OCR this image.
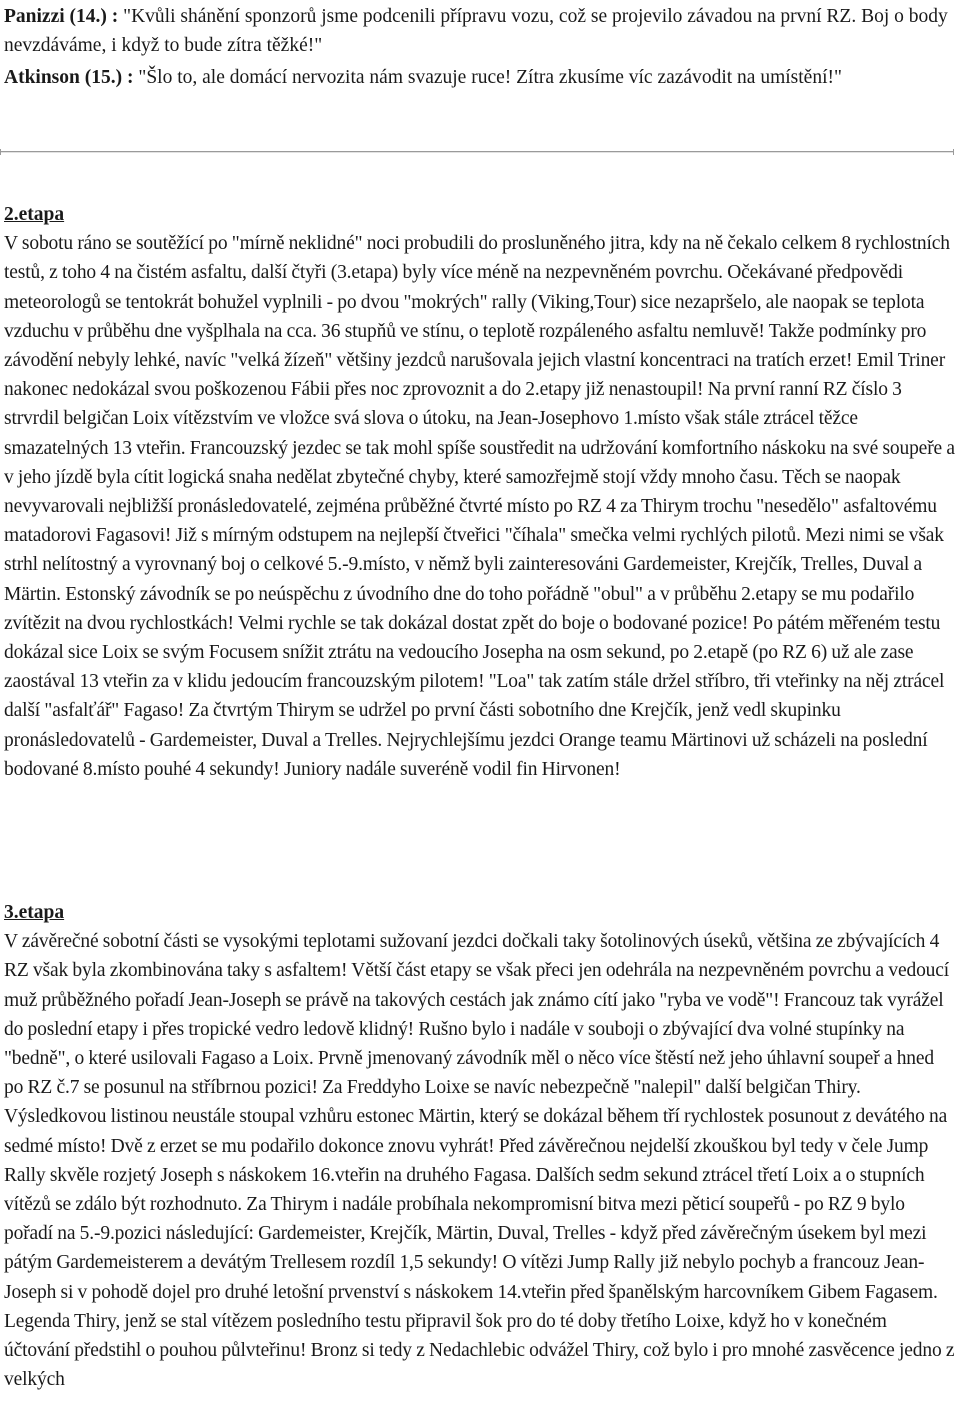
Panizzi (14.) : "Kvůli shánění sponzorů jsme podcenili přípravu vozu, což se projevilo závadou na první RZ. Boj o body nevzdáváme, i když to bude zítra těžké!"

Atkinson (15.) : "Šlo to, ale domácí nervozita nám svazuje ruce! Zítra zkusíme víc zazávodit na umístění!"

2.etapa
V sobotu ráno se soutěžící po "mírně neklidné" noci probudili do prosluněného jitra, kdy na ně čekalo celkem 8 rychlostních testů, z toho 4 na čistém asfaltu, další čtyři (3.etapa) byly více méně na nezpevněném povrchu. Očekávané předpovědi meteorologů se tentokrát bohužel vyplnili - po dvou "mokrých" rally (Viking,Tour) sice nezapršelo, ale naopak se teplota vzduchu v průběhu dne vyšplhala na cca. 36 stupňů ve stínu, o teplotě rozpáleného asfaltu nemluvě! Takže podmínky pro závodění nebyly lehké, navíc "velká žízeň" většiny jezdců narušovala jejich vlastní koncentraci na tratích erzet! Emil Triner nakonec nedokázal svou poškozenou Fábii přes noc zprovoznit a do 2.etapy již nenastoupil! Na první ranní RZ číslo 3 strvrdil belgičan Loix vítězstvím ve vložce svá slova o útoku, na Jean-Josephovo 1.místo však stále ztrácel těžce smazatelných 13 vteřin. Francouzský jezdec se tak mohl spíše soustředit na udržování komfortního náskoku na své soupeře a v jeho jízdě byla cítit logická snaha nedělat zbytečné chyby, které samozřejmě stojí vždy mnoho času. Těch se naopak nevyvarovali nejbližší pronásledovatelé, zejména průběžné čtvrté místo po RZ 4 za Thirym trochu "nesedělo" asfaltovému matadorovi Fagasovi! Již s mírným odstupem na nejlepší čtveřici "číhala" smečka velmi rychlých pilotů. Mezi nimi se však strhl nelítostný a vyrovnaný boj o celkové 5.-9.místo, v němž byli zainteresováni Gardemeister, Krejčík, Trelles, Duval a Märtin. Estonský závodník se po neúspěchu z úvodního dne do toho pořádně "obul" a v průběhu 2.etapy se mu podařilo zvítězit na dvou rychlostkách! Velmi rychle se tak dokázal dostat zpět do boje o bodované pozice! Po pátém měřeném testu dokázal sice Loix se svým Focusem snížit ztrátu na vedoucího Josepha na osm sekund, po 2.etapě (po RZ 6) už ale zase zaostával 13 vteřin za v klidu jedoucím francouzským pilotem! "Loa" tak zatím stále držel stříbro, tři vteřinky na něj ztrácel další "asfalťář" Fagaso! Za čtvrtým Thirym se udržel po první části sobotního dne Krejčík, jenž vedl skupinku pronásledovatelů - Gardemeister, Duval a Trelles. Nejrychlejšímu jezdci Orange teamu Märtinovi už scházeli na poslední bodované 8.místo pouhé 4 sekundy! Juniory nadále suveréně vodil fin Hirvonen!
3.etapa
V závěrečné sobotní části se vysokými teplotami sužovaní jezdci dočkali taky šotolinových úseků, většina ze zbývajících 4 RZ však byla zkombinována taky s asfaltem! Větší část etapy se však přeci jen odehrála na nezpevněném povrchu a vedoucí muž průběžného pořadí Jean-Joseph se právě na takových cestách jak známo cítí jako "ryba ve vodě"! Francouz tak vyrážel do poslední etapy i přes tropické vedro ledově klidný! Rušno bylo i nadále v souboji o zbývající dva volné stupínky na "bedně", o které usilovali Fagaso a Loix. Prvně jmenovaný závodník měl o něco více štěstí než jeho úhlavní soupeř a hned po RZ č.7 se posunul na stříbrnou pozici! Za Freddyho Loixe se navíc nebezpečně "nalepil" další belgičan Thiry. Výsledkovou listinou neustále stoupal vzhůru estonec Märtin, který se dokázal během tří rychlostek posunout z devátého na sedmé místo! Dvě z erzet se mu podařilo dokonce znovu vyhrát! Před závěrečnou nejdelší zkouškou byl tedy v čele Jump Rally skvěle rozjetý Joseph s náskokem 16.vteřin na druhého Fagasa. Dalších sedm sekund ztrácel třetí Loix a o stupních vítězů se zdálo být rozhodnuto. Za Thirym i nadále probíhala nekompromisní bitva mezi pěticí soupeřů - po RZ 9 bylo pořadí na 5.-9.pozici následující: Gardemeister, Krejčík, Märtin, Duval, Trelles - když před závěrečným úsekem byl mezi pátým Gardemeisterem a devátým Trellesem rozdíl 1,5 sekundy! O vítězi Jump Rally již nebylo pochyb a francouz Jean-Joseph si v pohodě dojel pro druhé letošní prvenství s náskokem 14.vteřin před španělským harcovníkem Gibem Fagasem. Legenda Thiry, jenž se stal vítězem posledního testu připravil šok pro do té doby třetího Loixe, když ho v konečném účtování předstihl o pouhou půlvteřinu! Bronz si tedy z Nedachlebic odvážel Thiry, což bylo i pro mnohé zasvěcence jedno z velkých
